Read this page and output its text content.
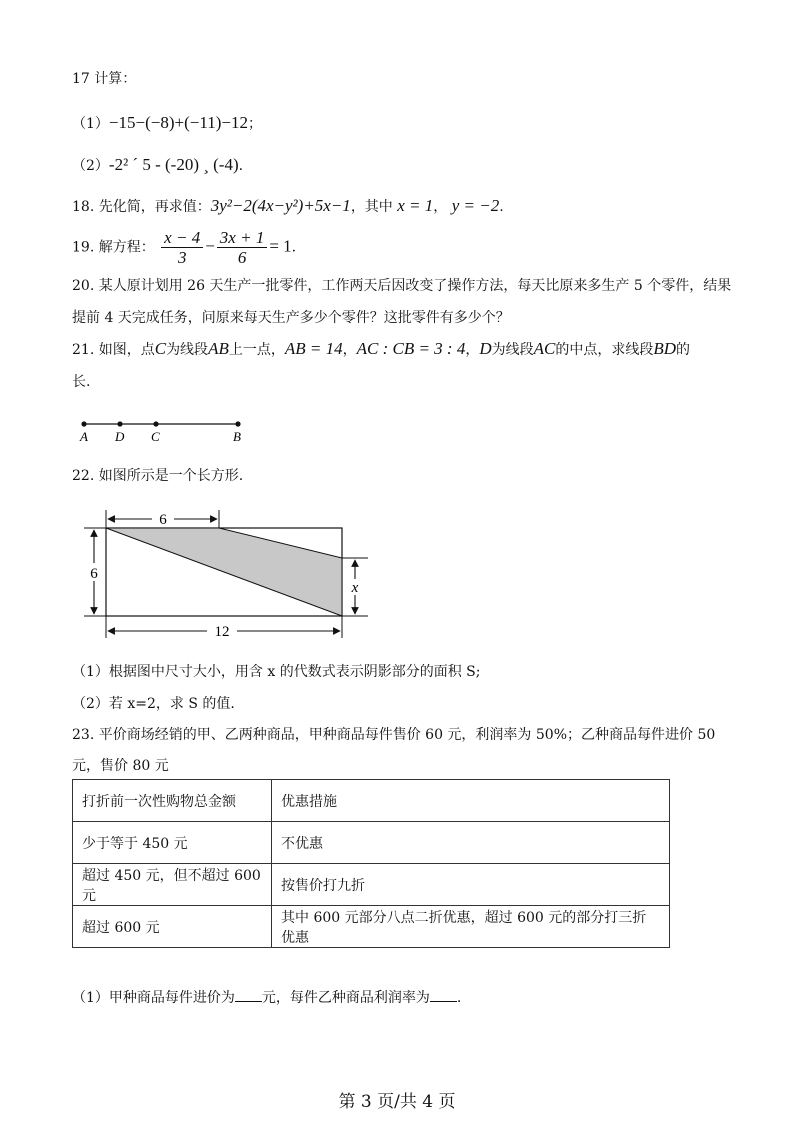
17 计算：
（1）−15−(−8)+(−11)−12；
（2）-2² ´ 5 - (-20) ¸ (-4).
18. 先化简，再求值：3y²−2(4x−y²)+5x−1，其中 x = 1， y = −2.
19. 解方程： $\frac{x - 4}{3} - \frac{3x + 1}{6} = 1$.
20. 某人原计划用 26 天生产一批零件，工作两天后因改变了操作方法，每天比原来多生产 5 个零件，结果
提前 4 天完成任务，问原来每天生产多少个零件？这批零件有多少个？
21. 如图，点C为线段AB上一点，AB = 14，AC : CB = 3 : 4，D为线段AC的中点，求线段BD的
长.
A D C	B
22. 如图所示是一个长方形.
6
6
12
x
（1）根据图中尺寸大小，用含 x 的代数式表示阴影部分的面积 S;
（2）若 x=2，求 S 的值.
23. 平价商场经销的甲、乙两种商品，甲种商品每件售价 60 元，利润率为 50%；乙种商品每件进价 50
元，售价 80 元
打折前一次性购物总金额	优惠措施
少于等于 450 元	不优惠
超过 450 元，但不超过 600 元	按售价打九折
超过 600 元	其中 600 元部分八点二折优惠，超过 600 元的部分打三折优惠
（1）甲种商品每件进价为 元，每件乙种商品利润率为 .
第 3 页/共 4 页
